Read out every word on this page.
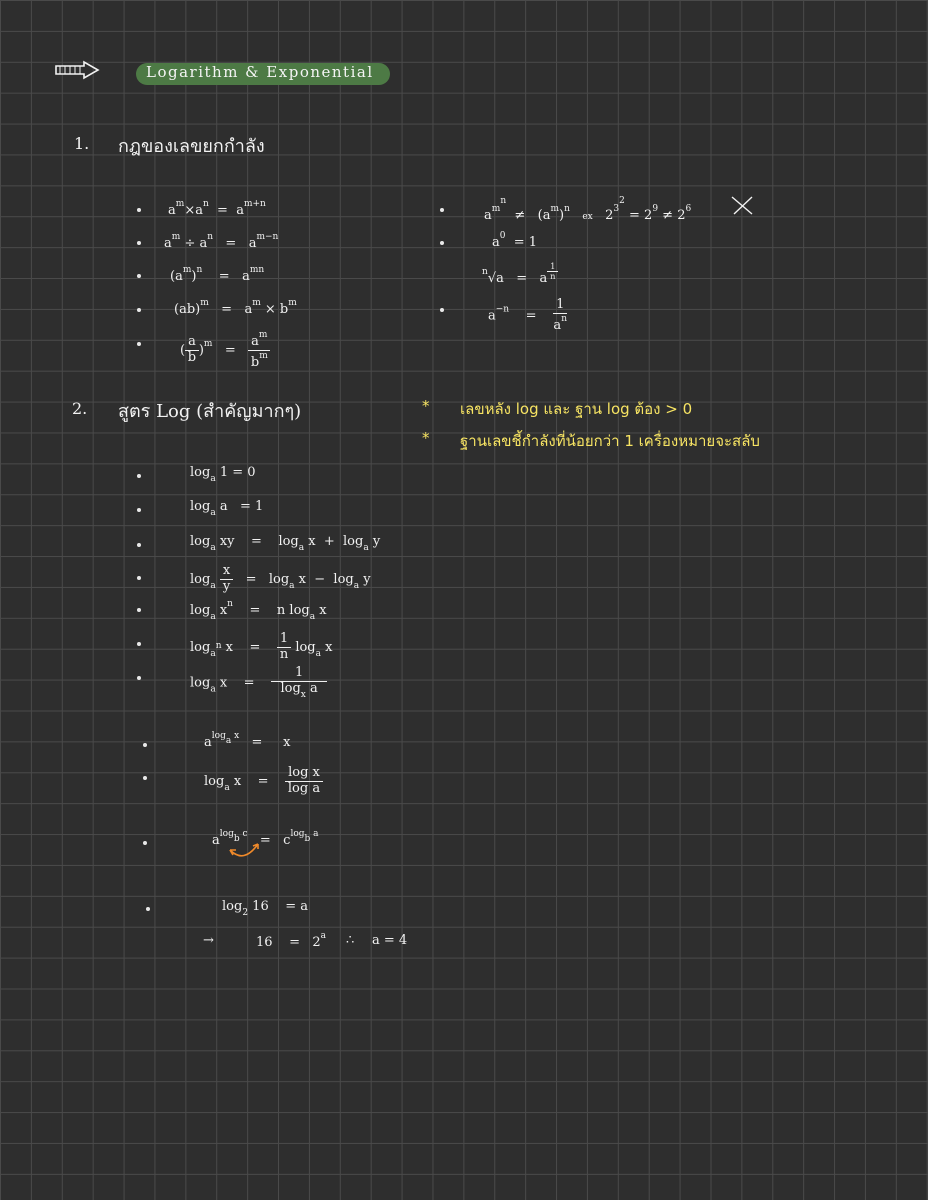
Logarithm & Exponential
1. กฎของเลขยกกำลัง
$a^m\times a^n = a^{m+n}$
$a^m \div a^n = a^{m-n}$
$(a^m)^n$    =   $a^{mn}$
$(ab)^m = a^m \times b^m$
( $\frac{a}{b} )^m = \frac{a^m}{b^m}$
$a^{m^n} \ne (a^m)^n$   ex   $2^{3^2} = 2^9 \ne 2^6$
$a^0 = 1$
$^n$√a   =   a $^{\frac{1}{n}}$
$a^{-n}$    = $\frac{1}{a^n}$
2. สูตร Log (สำคัญมากๆ)	* เลขหลัง log และ ฐาน log ต้อง > 0
* ฐานเลขชี้กำลังที่น้อยกว่า 1 เครื่องหมายจะสลับ
$\log_a 1 = 0$
$\log_a a = 1$
$\log_a$ xy    =    $\log_a x + \log_a y$
$\log_a \frac{x}{y} = \log_a x - \log_a y$
$\log_a x^n$    =    n $\log_a x$
$\log_{a^n} x$    = $\frac{1}{n} \log_a x$
$\log_a x$    = $\frac{1}{\log_x a}$
$a^{log_a x}$   =     x
$\log_a x$    = $\frac{\text{log x}}{\text{log a}}$
$a^{log_b c} = c^{log_b a}$
$\log_2 16$    = a
→	16    =   2$^a$ ∴ a = 4
